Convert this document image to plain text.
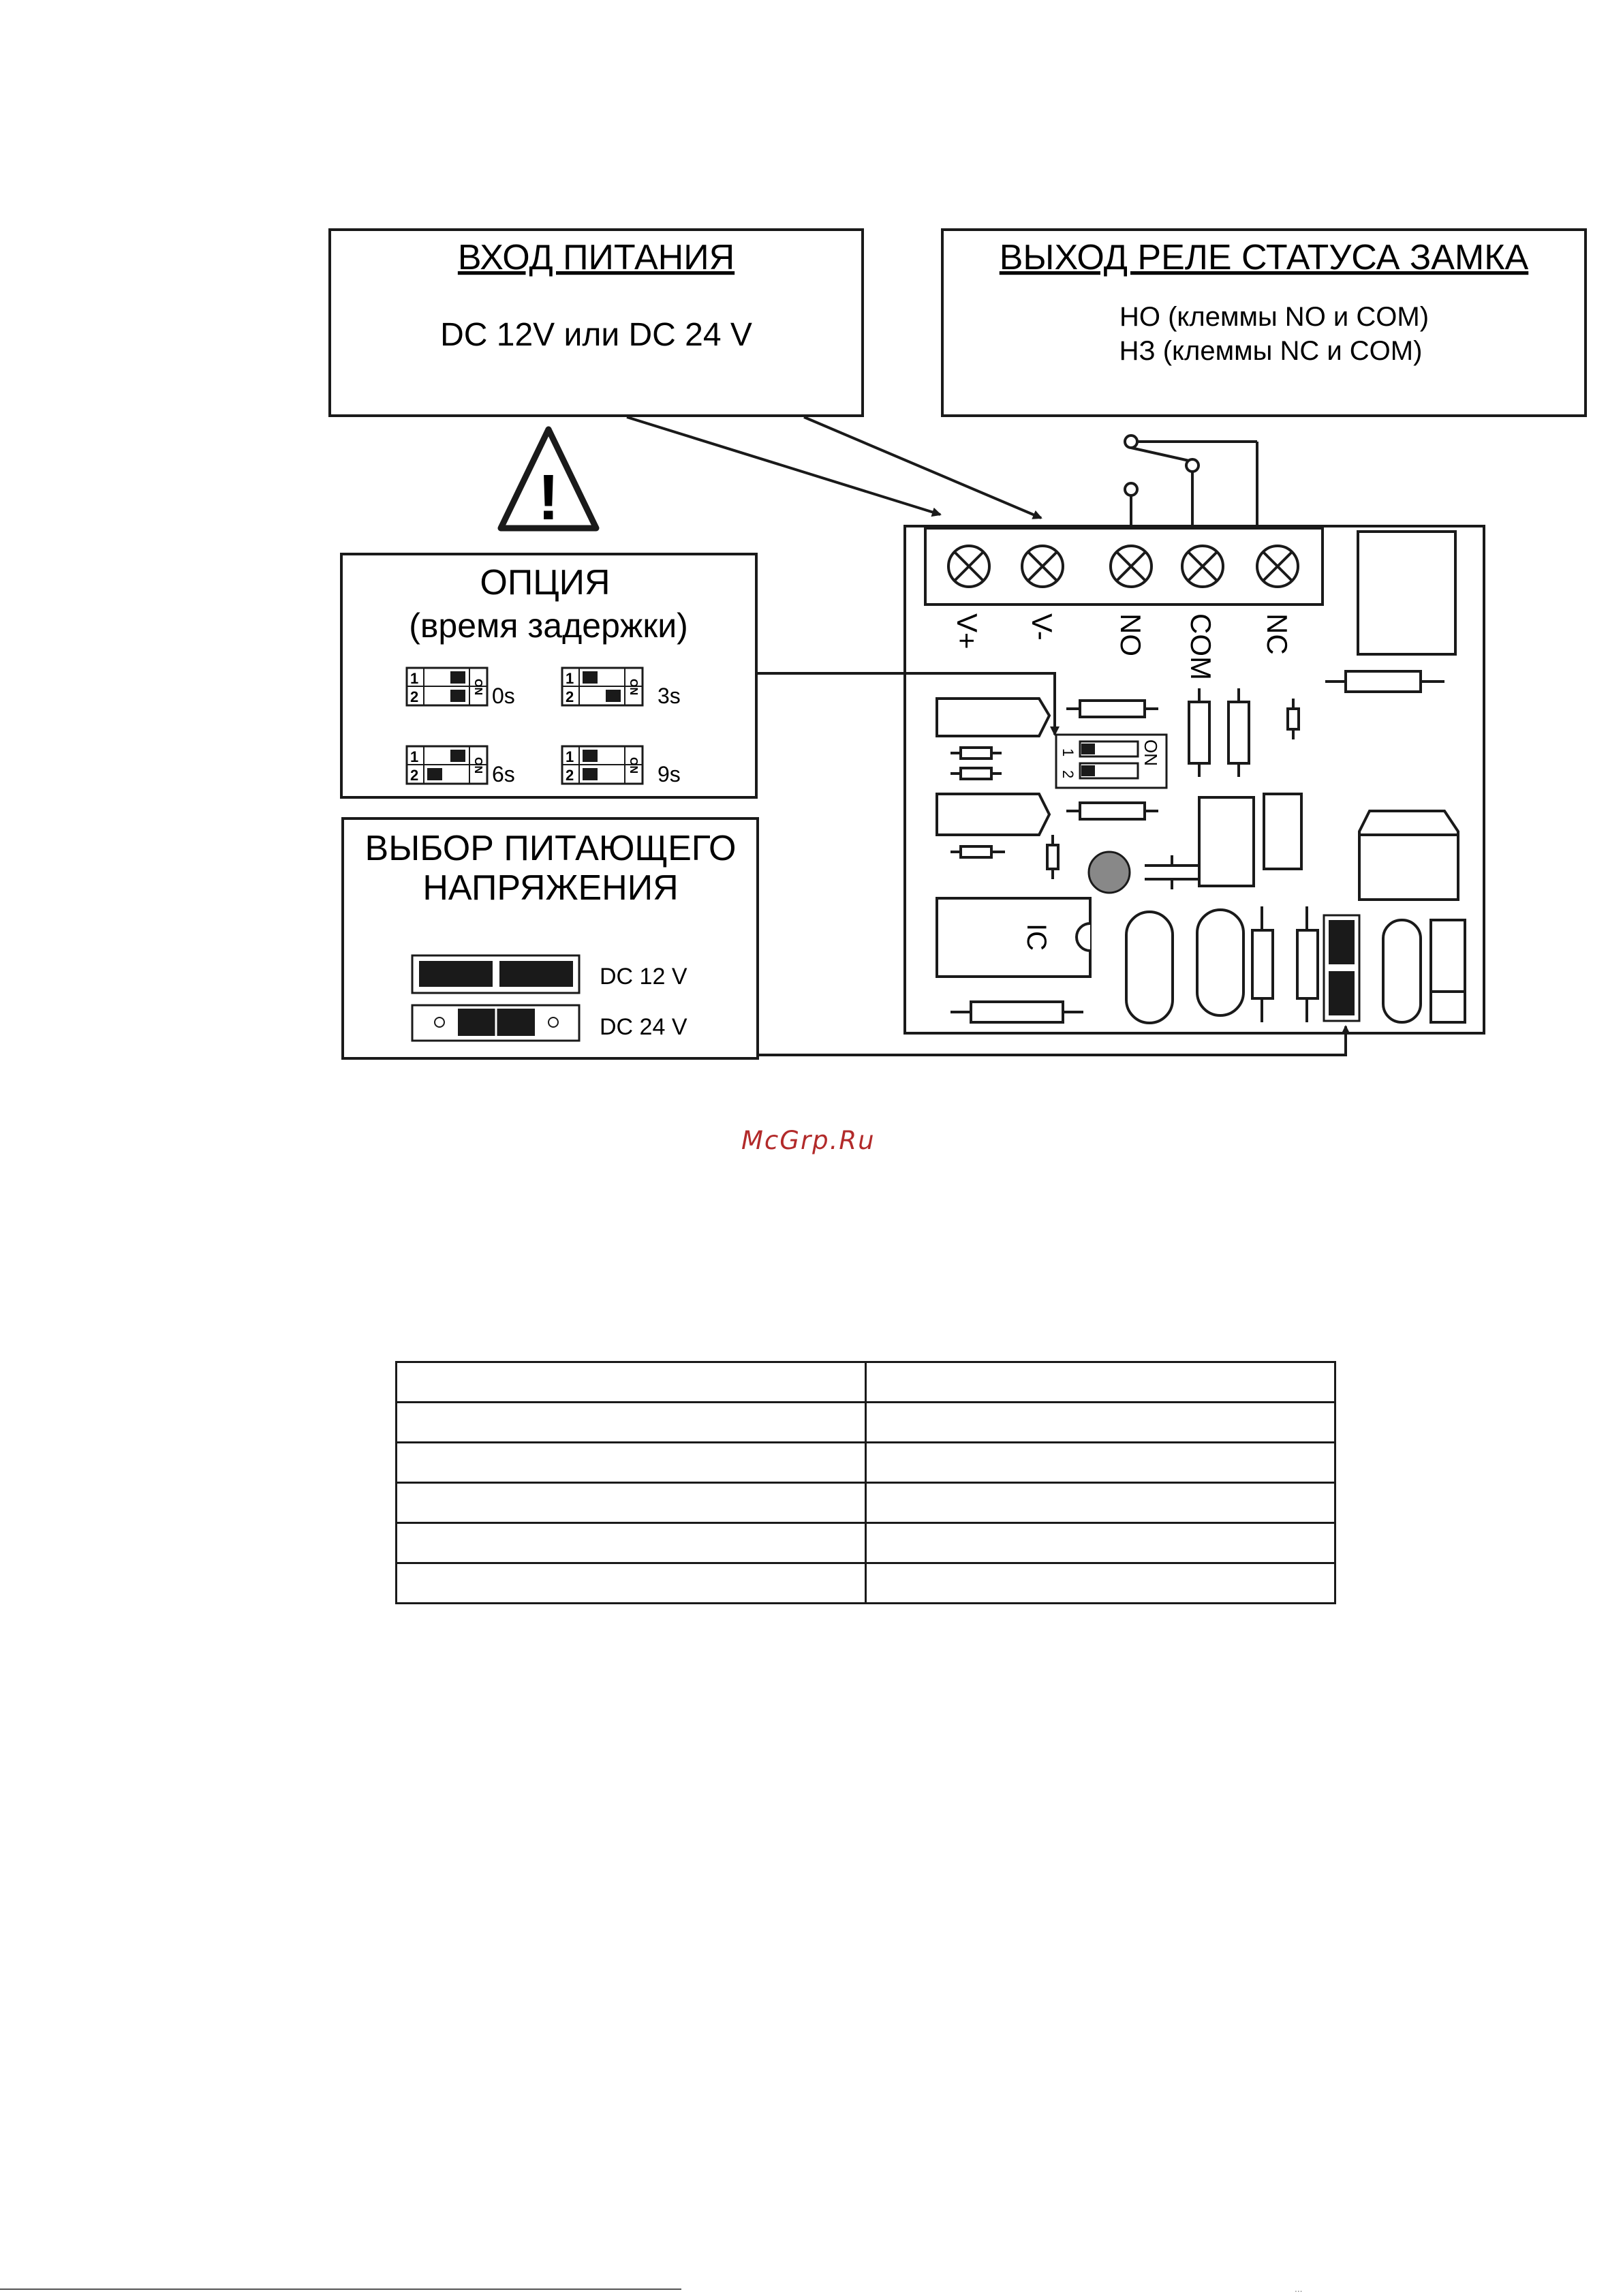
ВХОД ПИТАНИЯ
DC 12V или DC 24 V
ВЫХОД РЕЛЕ СТАТУСА ЗАМКА
НО (клеммы NO и COM)
НЗ (клеммы NC и COM)
!
ОПЦИЯ
(время задержки)
1
2
ON 0s
1
2
ON 3s
1
2
ON 6s
1
2
ON 9s
ВЫБОР ПИТАЮЩЕГО
НАПРЯЖЕНИЯ
DC 12 V
DC 24 V
V+ V- NO COM NC
IC
1
2
ON
McGrp.Ru

...
